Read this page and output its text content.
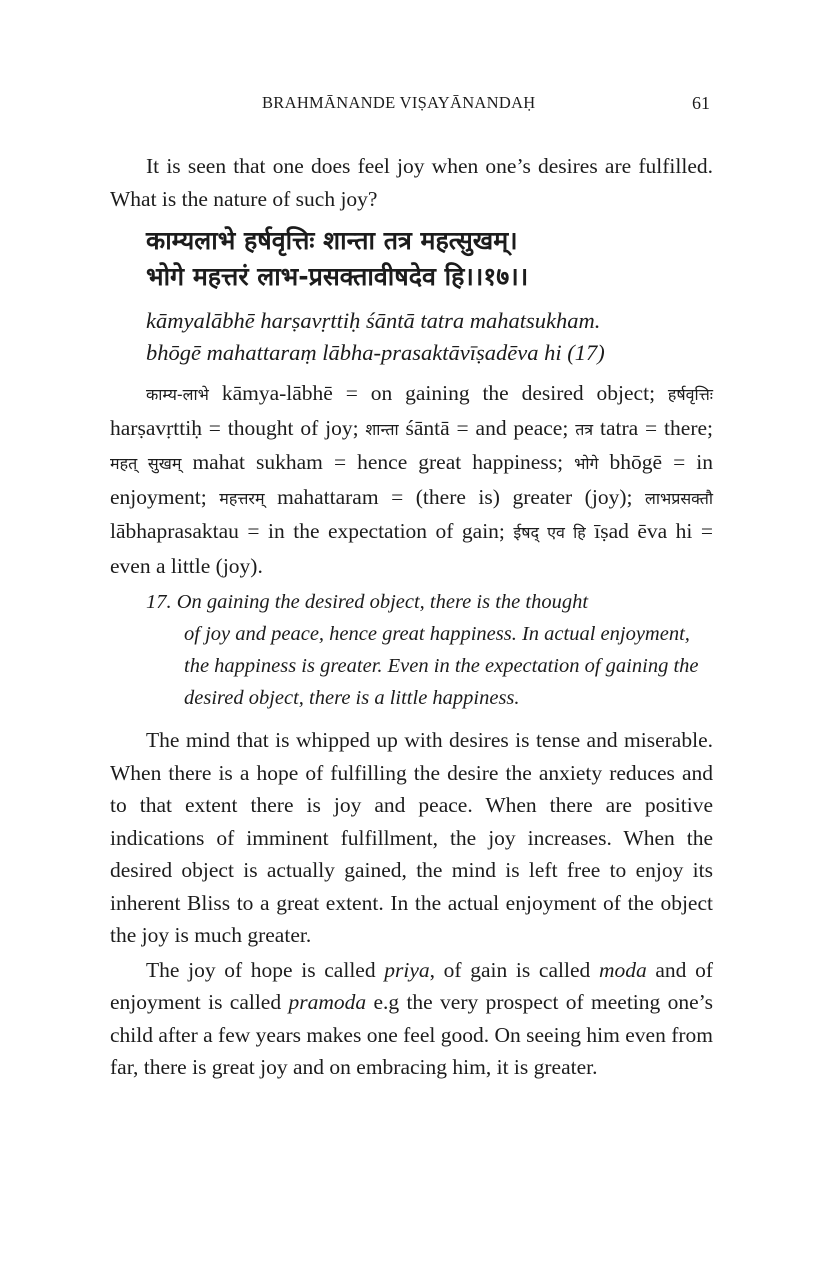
BRAHMĀNANDE VIṢAYĀNANDAḤ	61

It is seen that one does feel joy when one’s desires are fulfilled. What is the nature of such joy?

काम्यलाभे हर्षवृत्तिः शान्ता तत्र महत्सुखम्।
भोगे महत्तरं लाभ-प्रसक्तावीषदेव हि।।१७।।
kāmyalābhē harṣavṛttiḥ śāntā tatra mahatsukham.
bhōgē mahattaraṃ lābha-prasaktāvīṣadēva hi (17)

काम्य-लाभे kāmya-lābhē = on gaining the desired object; हर्षवृत्तिः harṣavṛttiḥ = thought of joy; शान्ता śāntā = and peace; तत्र tatra = there; महत् सुखम् mahat sukham = hence great happiness; भोगे bhōgē = in enjoyment; महत्तरम् mahattaram = (there is) greater (joy); लाभप्रसक्तौ lābhaprasaktau = in the expectation of gain; ईषद् एव हि īṣad ēva hi = even a little (joy).

17. On gaining the desired object, there is the thought
of joy and peace, hence great happiness. In actual enjoyment, the happiness is greater. Even in the expectation of gaining the desired object, there is a little happiness.

The mind that is whipped up with desires is tense and miserable. When there is a hope of fulfilling the desire the anxiety reduces and to that extent there is joy and peace. When there are positive indications of imminent fulfillment, the joy increases. When the desired object is actually gained, the mind is left free to enjoy its inherent Bliss to a great extent. In the actual enjoyment of the object the joy is much greater.

The joy of hope is called priya, of gain is called moda and of enjoyment is called pramoda e.g the very prospect of meeting one’s child after a few years makes one feel good. On seeing him even from far, there is great joy and on embracing him, it is greater.
